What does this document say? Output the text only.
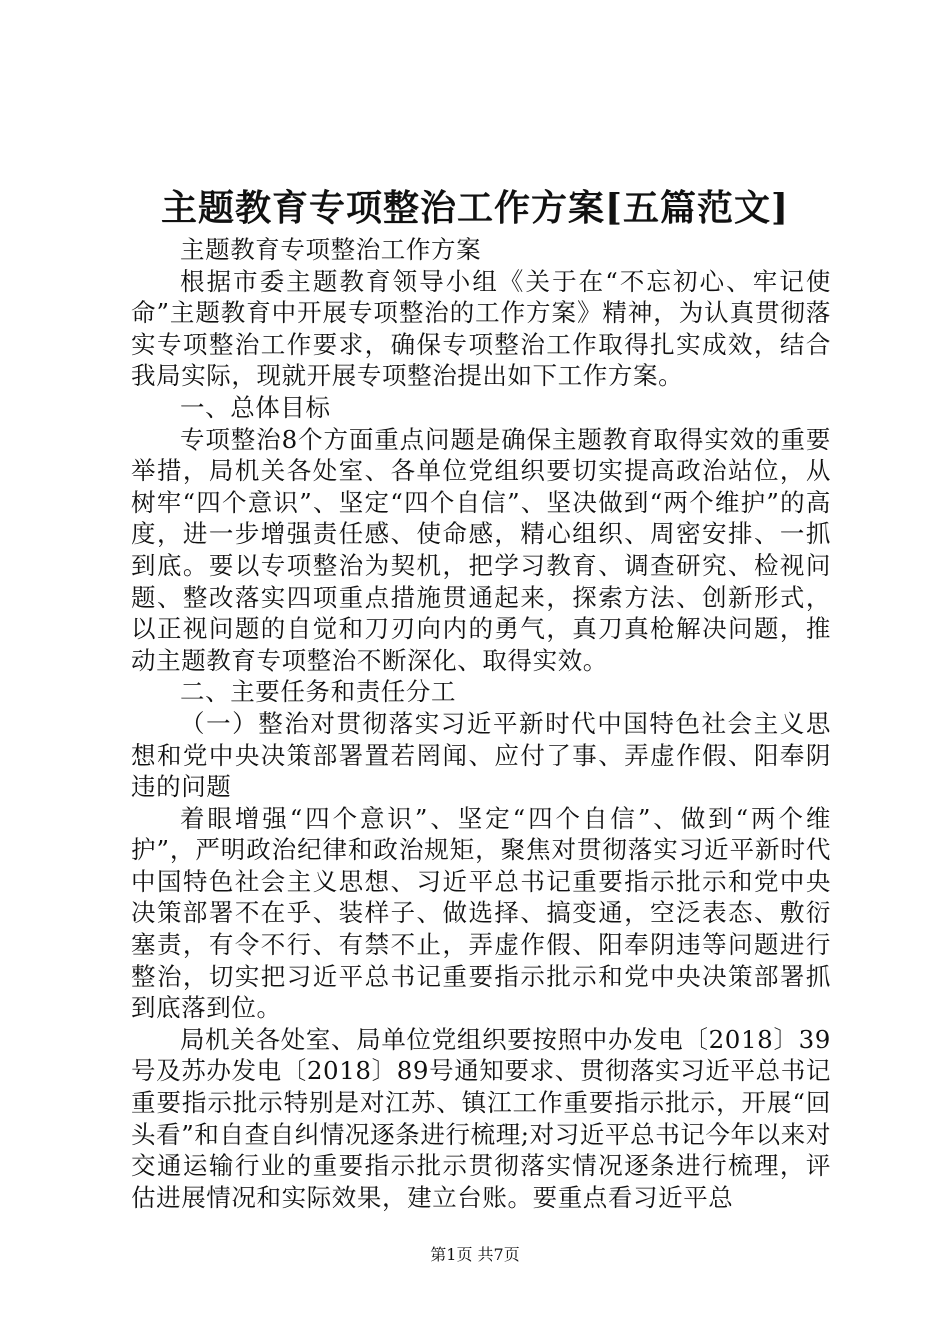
主题教育专项整治工作方案[五篇范文]

主题教育专项整治工作方案

根据市委主题教育领导小组《关于在“不忘初心、牢记使命”主题教育中开展专项整治的工作方案》精神，为认真贯彻落实专项整治工作要求，确保专项整治工作取得扎实成效，结合我局实际，现就开展专项整治提出如下工作方案。

一、总体目标

专项整治8个方面重点问题是确保主题教育取得实效的重要举措，局机关各处室、各单位党组织要切实提高政治站位，从树牢“四个意识”、坚定“四个自信”、坚决做到“两个维护”的高度，进一步增强责任感、使命感，精心组织、周密安排、一抓到底。要以专项整治为契机，把学习教育、调查研究、检视问题、整改落实四项重点措施贯通起来，探索方法、创新形式，以正视问题的自觉和刀刃向内的勇气，真刀真枪解决问题，推动主题教育专项整治不断深化、取得实效。

二、主要任务和责任分工

（一）整治对贯彻落实习近平新时代中国特色社会主义思想和党中央决策部署置若罔闻、应付了事、弄虚作假、阳奉阴违的问题

着眼增强“四个意识”、坚定“四个自信”、做到“两个维护”，严明政治纪律和政治规矩，聚焦对贯彻落实习近平新时代中国特色社会主义思想、习近平总书记重要指示批示和党中央决策部署不在乎、装样子、做选择、搞变通，空泛表态、敷衍塞责，有令不行、有禁不止，弄虚作假、阳奉阴违等问题进行整治，切实把习近平总书记重要指示批示和党中央决策部署抓到底落到位。

局机关各处室、局单位党组织要按照中办发电〔2018〕39号及苏办发电〔2018〕89号通知要求、贯彻落实习近平总书记重要指示批示特别是对江苏、镇江工作重要指示批示，开展“回头看”和自查自纠情况逐条进行梳理;对习近平总书记今年以来对交通运输行业的重要指示批示贯彻落实情况逐条进行梳理，评估进展情况和实际效果，建立台账。要重点看习近平总

第1页 共7页
